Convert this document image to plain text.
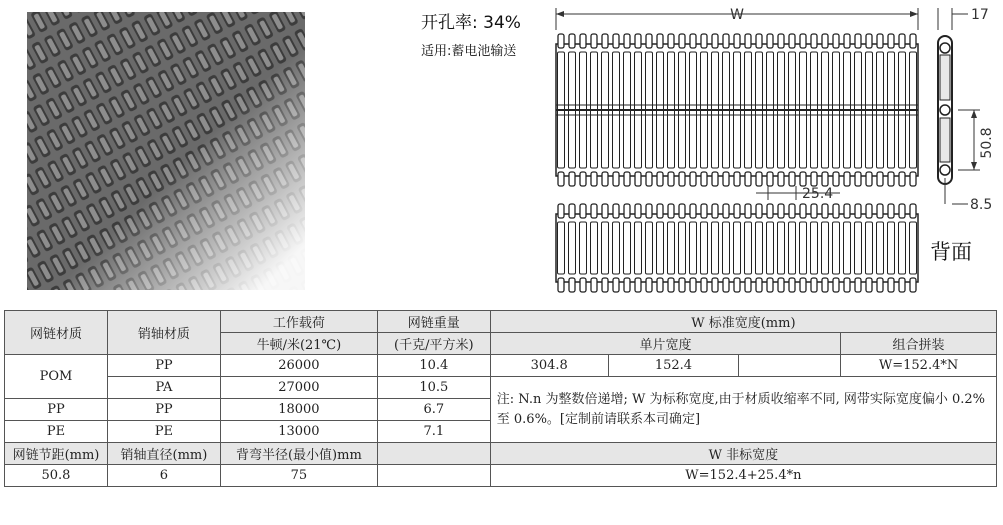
开孔率: 34%
适用:蓄电池输送
W	17
50.8
8.5
25.4
背面
网链材质	销轴材质	工作载荷	网链重量	W 标准宽度(mm)			
		牛顿/米(21℃)	(千克/平方米)	单片宽度			组合拼装
POM	PP	26000	10.4	304.8	152.4		W=152.4*N
	PA	27000	10.5	注: N.n 为整数倍递增; W 为标称宽度,由于材质收缩率不同, 网带实际宽度偏小 0.2%至 0.6%。[定制前请联系本司确定]			
PP	PP	18000	6.7				
PE	PE	13000	7.1				
网链节距(mm)	销轴直径(mm)	背弯半径(最小值)mm		W 非标宽度			
50.8	6	75		W=152.4+25.4*n			
